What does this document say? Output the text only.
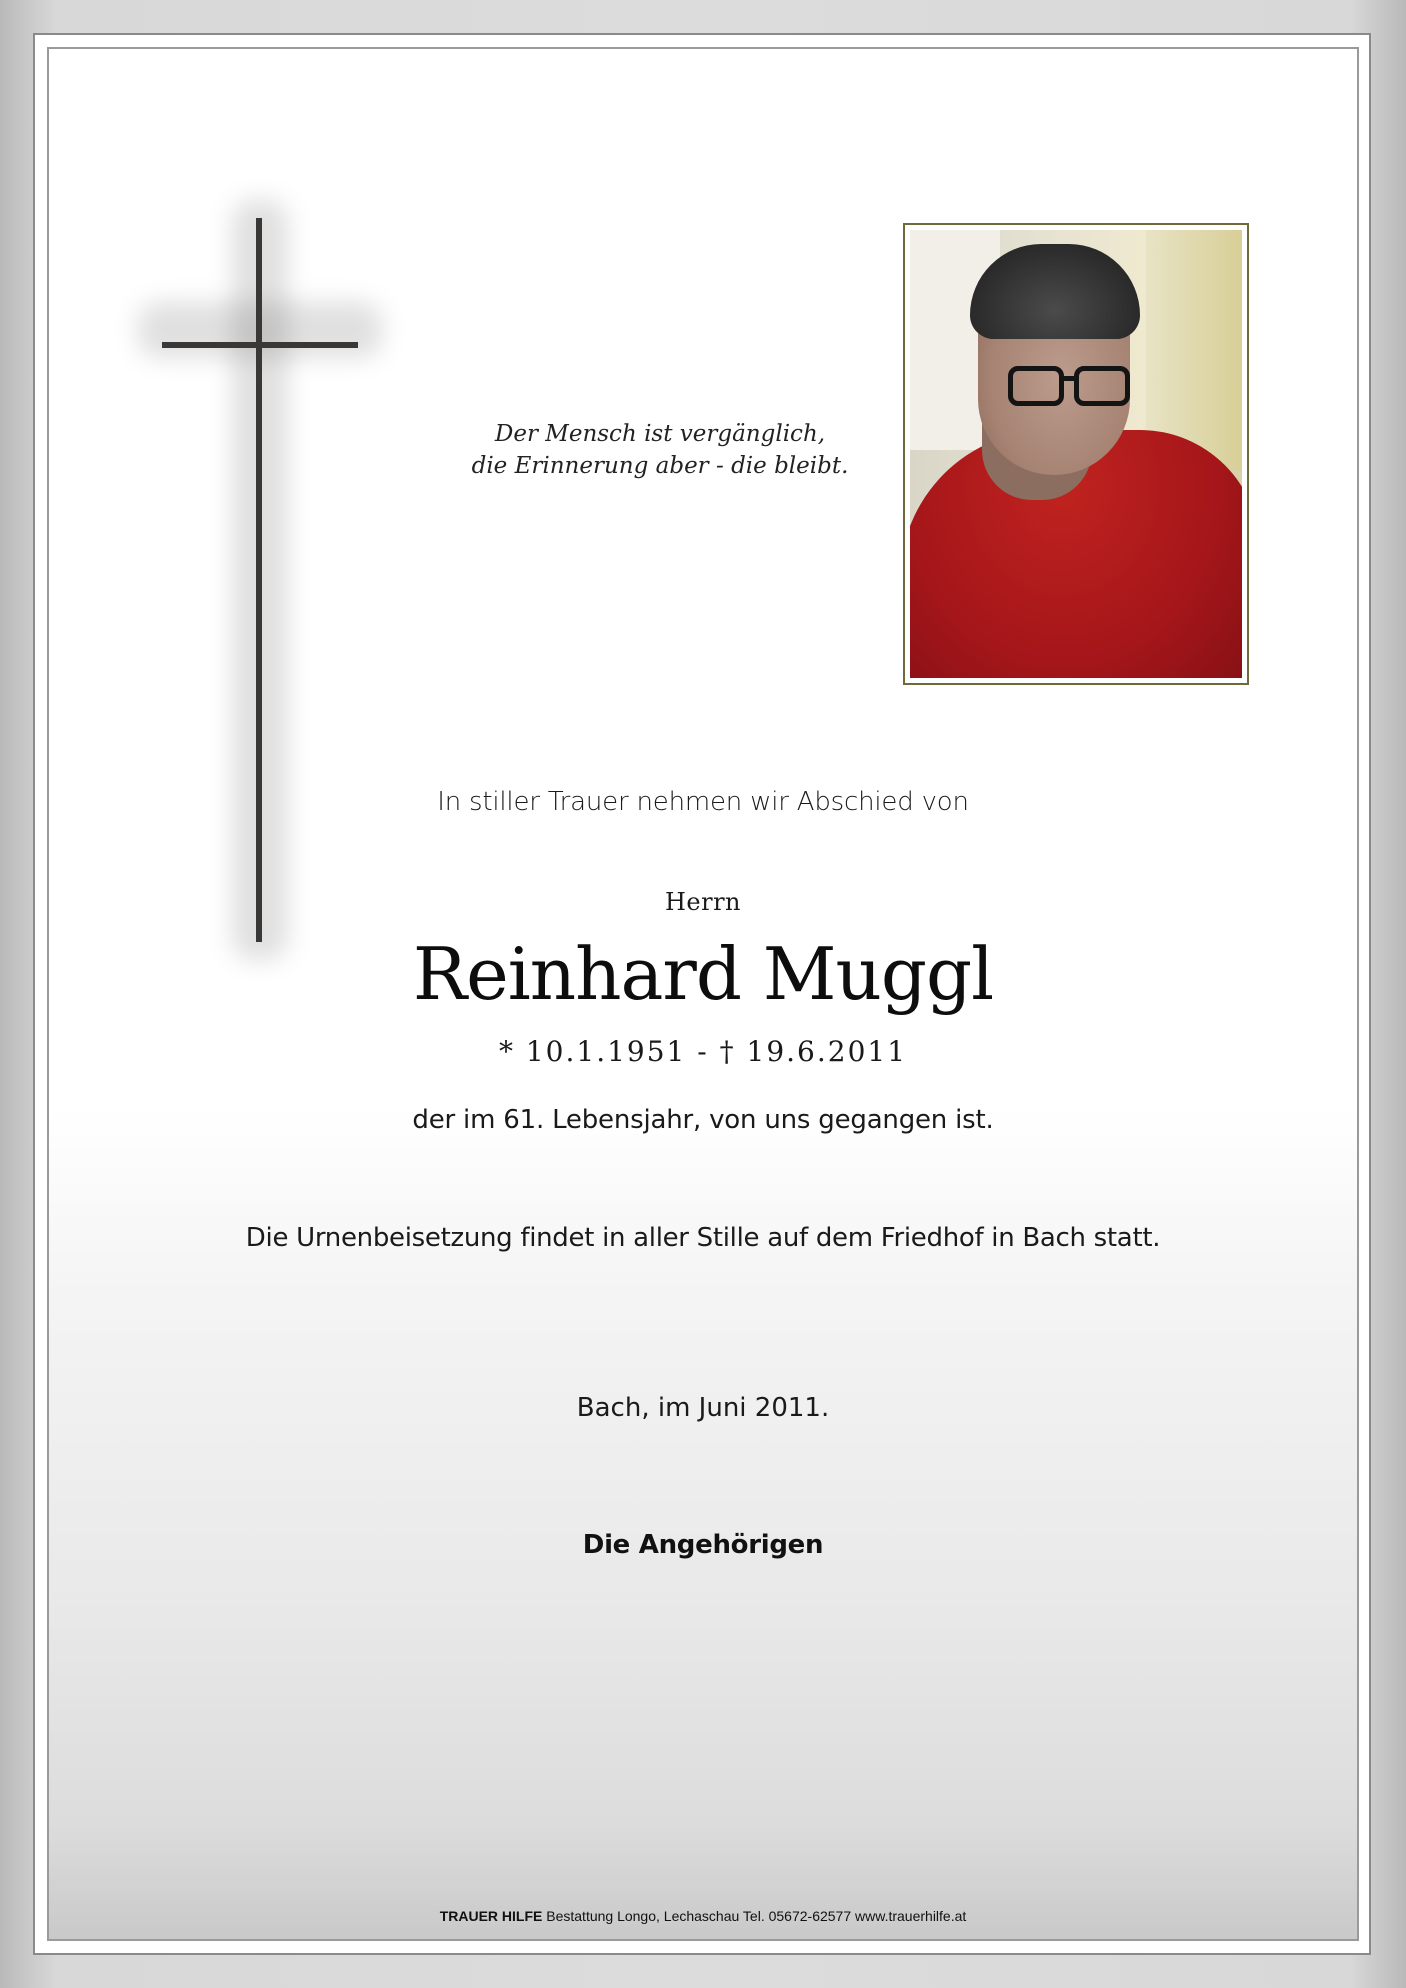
Der Mensch ist vergänglich,
die Erinnerung aber - die bleibt.
In stiller Trauer nehmen wir Abschied von
Herrn
Reinhard Muggl
* 10.1.1951 - † 19.6.2011
der im 61. Lebensjahr, von uns gegangen ist.
Die Urnenbeisetzung findet in aller Stille auf dem Friedhof in Bach statt.
Bach, im Juni 2011.
Die Angehörigen
TRAUER HILFE Bestattung Longo, Lechaschau Tel. 05672-62577 www.trauerhilfe.at
